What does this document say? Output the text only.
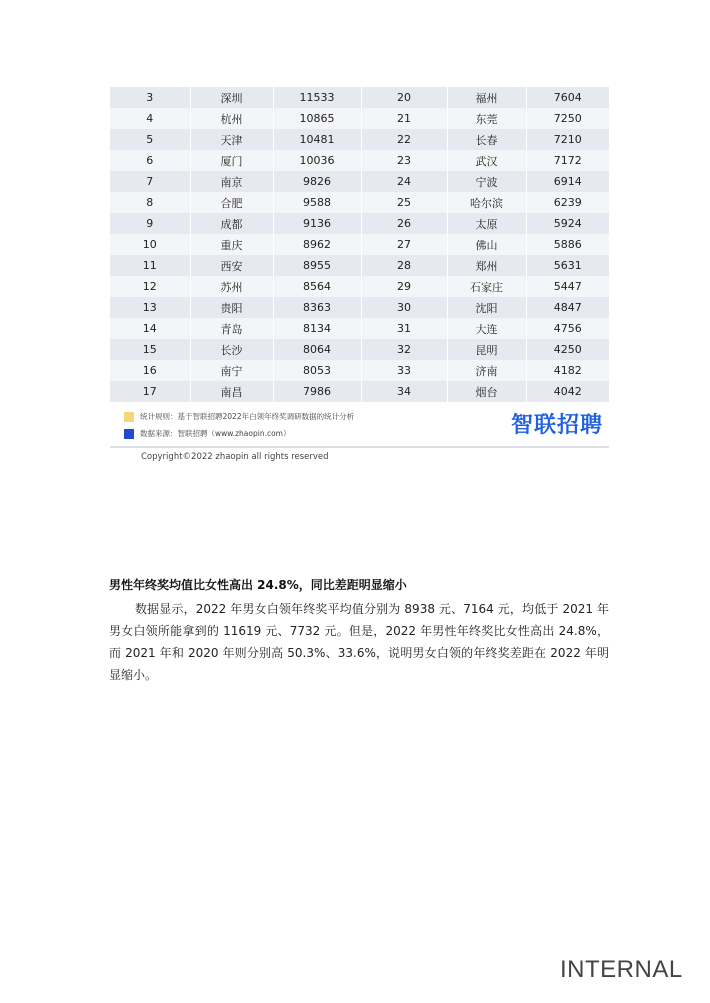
3	深圳	11533	20	福州	7604
4	杭州	10865	21	东莞	7250
5	天津	10481	22	长春	7210
6	厦门	10036	23	武汉	7172
7	南京	9826	24	宁波	6914
8	合肥	9588	25	哈尔滨	6239
9	成都	9136	26	太原	5924
10	重庆	8962	27	佛山	5886
11	西安	8955	28	郑州	5631
12	苏州	8564	29	石家庄	5447
13	贵阳	8363	30	沈阳	4847
14	青岛	8134	31	大连	4756
15	长沙	8064	32	昆明	4250
16	南宁	8053	33	济南	4182
17	南昌	7986	34	烟台	4042
统计规则：基于智联招聘2022年白领年终奖调研数据的统计分析
数据来源：智联招聘（www.zhaopin.com）	智联招聘
Copyright©2022 zhaopin all rights reserved
男性年终奖均值比女性高出 24.8%，同比差距明显缩小
数据显示，2022 年男女白领年终奖平均值分别为 8938 元、7164 元，均低于 2021 年男女白领所能拿到的 11619 元、7732 元。但是，2022 年男性年终奖比女性高出 24.8%，而 2021 年和 2020 年则分别高 50.3%、33.6%，说明男女白领的年终奖差距在 2022 年明显缩小。
INTERNAL
